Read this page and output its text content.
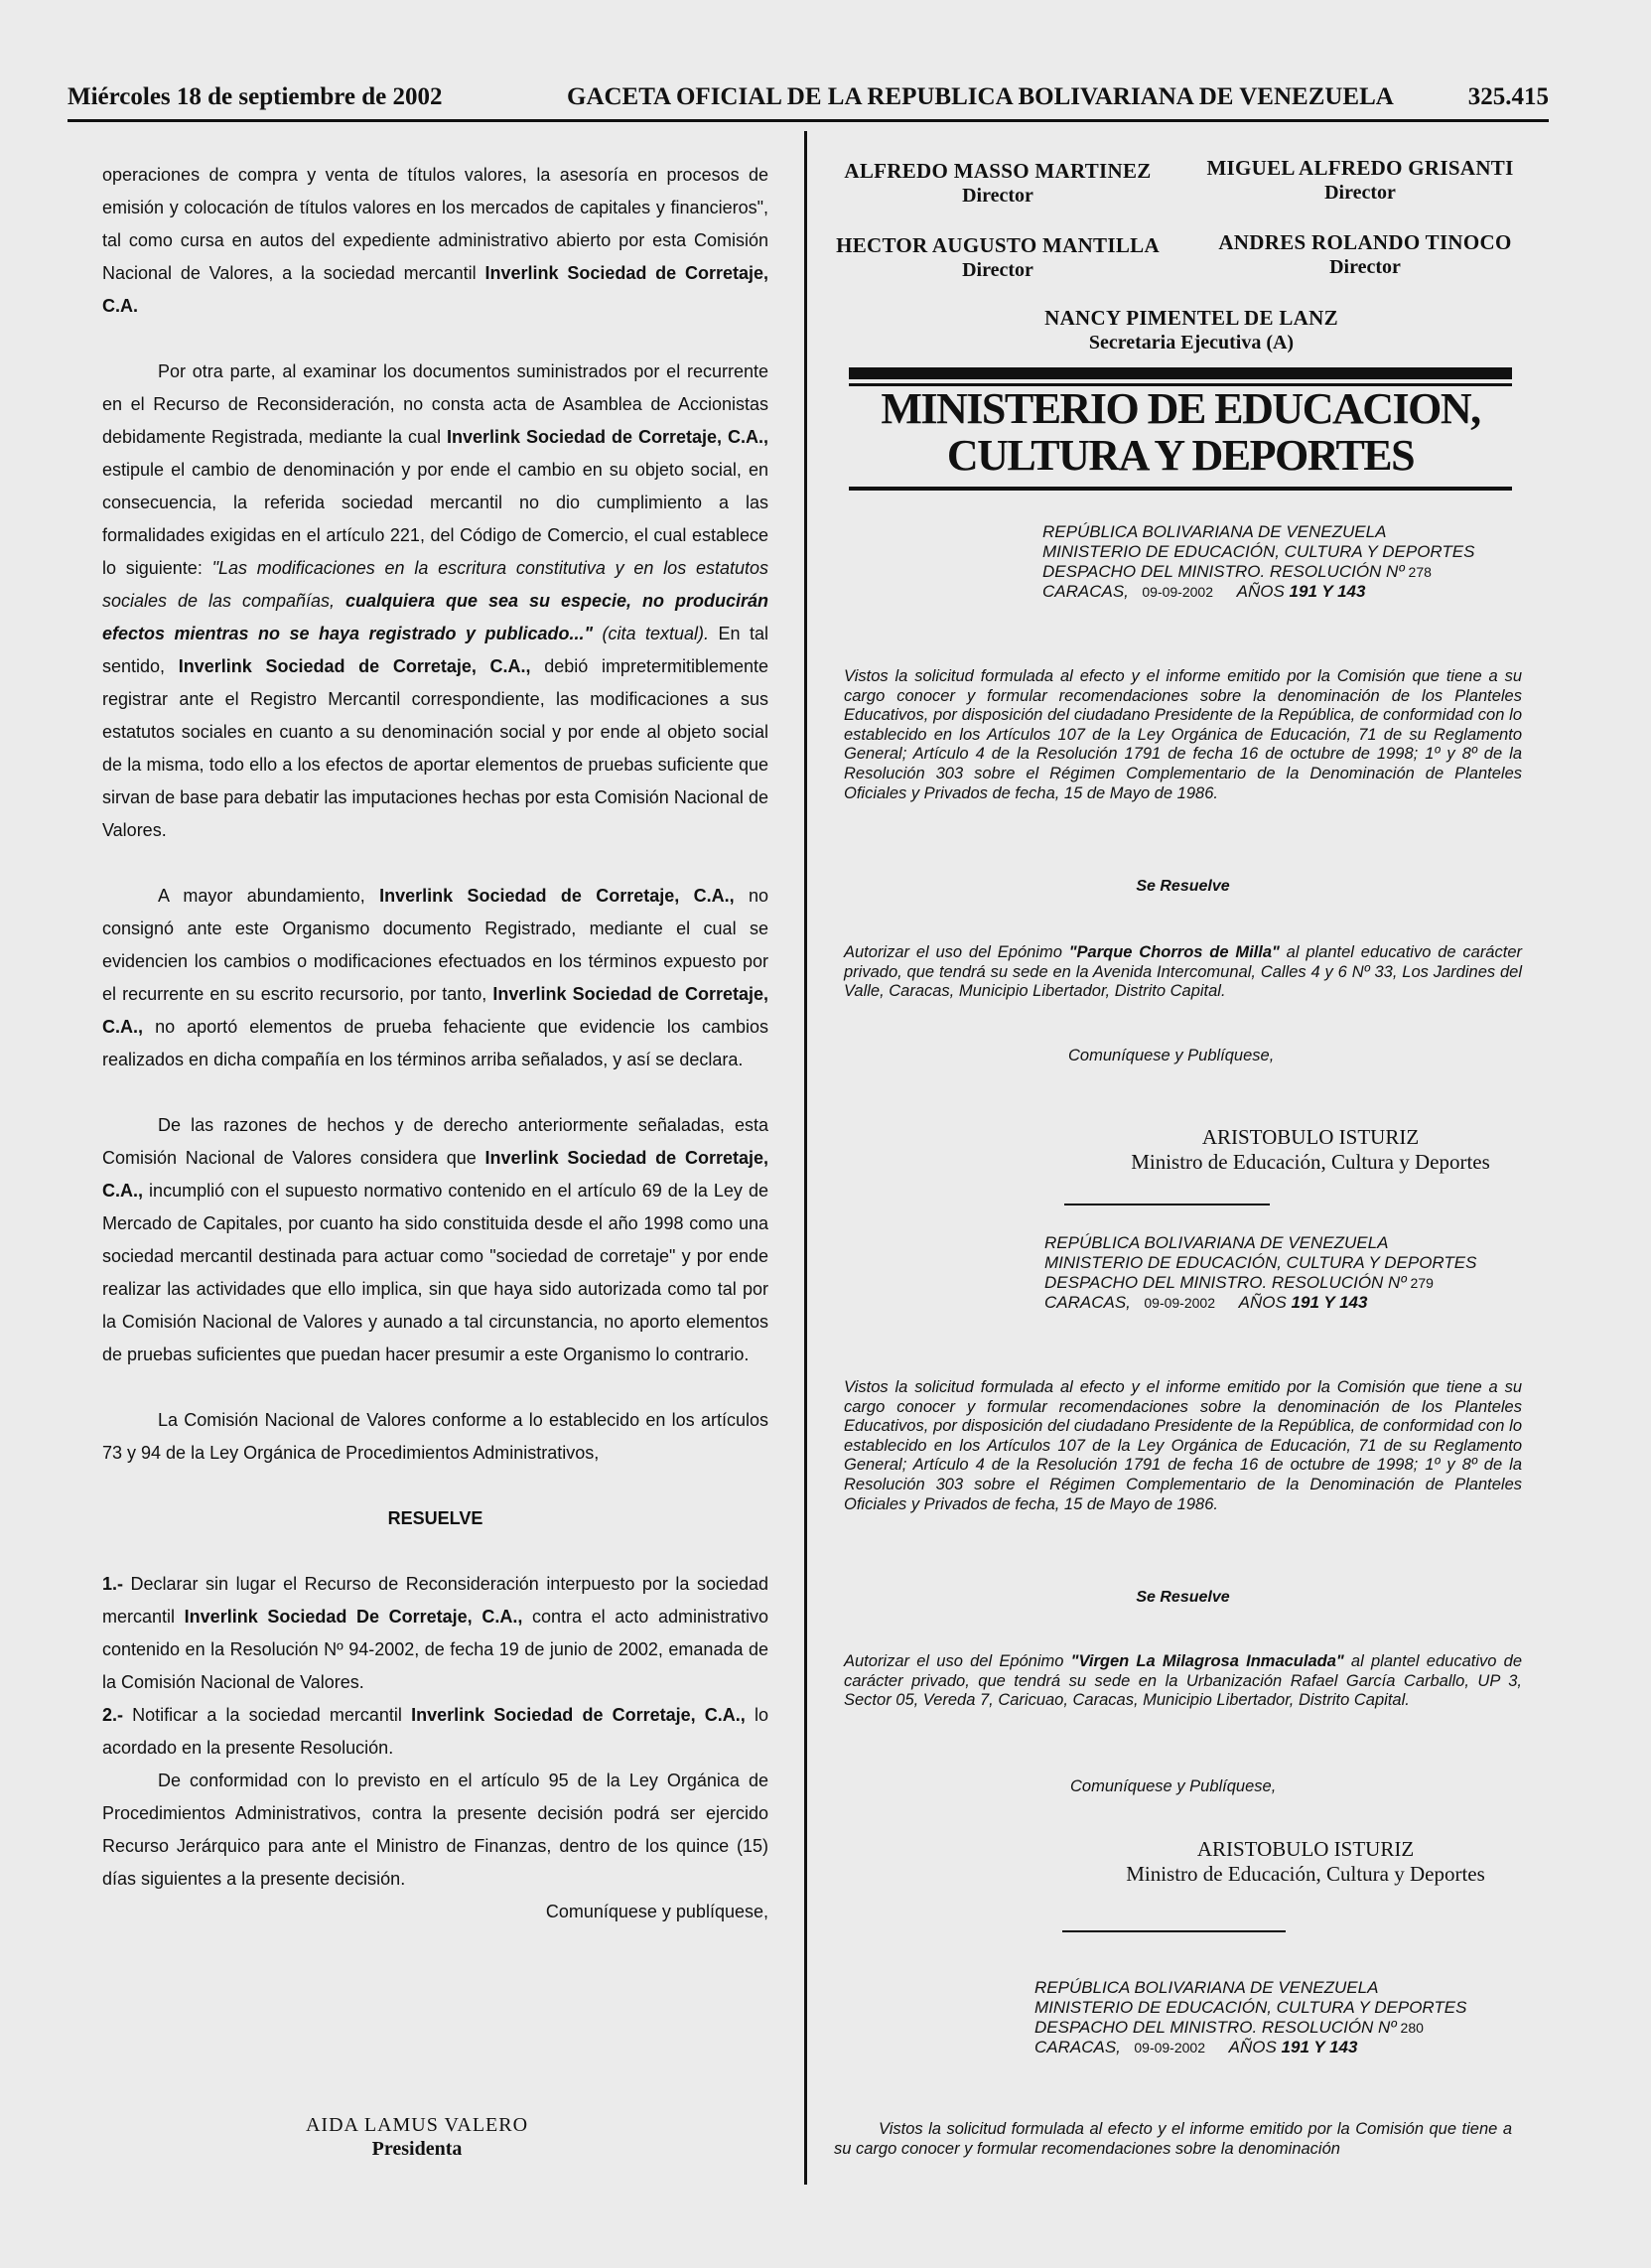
Miércoles 18 de septiembre de 2002	GACETA OFICIAL DE LA REPUBLICA BOLIVARIANA DE VENEZUELA	325.415

operaciones de compra y venta de títulos valores, la asesoría en procesos de emisión y colocación de títulos valores en los mercados de capitales y financieros", tal como cursa en autos del expediente administrativo abierto por esta Comisión Nacional de Valores, a la sociedad mercantil Inverlink Sociedad de Corretaje, C.A.

Por otra parte, al examinar los documentos suministrados por el recurrente en el Recurso de Reconsideración, no consta acta de Asamblea de Accionistas debidamente Registrada, mediante la cual Inverlink Sociedad de Corretaje, C.A., estipule el cambio de denominación y por ende el cambio en su objeto social, en consecuencia, la referida sociedad mercantil no dio cumplimiento a las formalidades exigidas en el artículo 221, del Código de Comercio, el cual establece lo siguiente: "Las modificaciones en la escritura constitutiva y en los estatutos sociales de las compañías, cualquiera que sea su especie, no producirán efectos mientras no se haya registrado y publicado..." (cita textual). En tal sentido, Inverlink Sociedad de Corretaje, C.A., debió impretermitiblemente registrar ante el Registro Mercantil correspondiente, las modificaciones a sus estatutos sociales en cuanto a su denominación social y por ende al objeto social de la misma, todo ello a los efectos de aportar elementos de pruebas suficiente que sirvan de base para debatir las imputaciones hechas por esta Comisión Nacional de Valores.

A mayor abundamiento, Inverlink Sociedad de Corretaje, C.A., no consignó ante este Organismo documento Registrado, mediante el cual se evidencien los cambios o modificaciones efectuados en los términos expuesto por el recurrente en su escrito recursorio, por tanto, Inverlink Sociedad de Corretaje, C.A., no aportó elementos de prueba fehaciente que evidencie los cambios realizados en dicha compañía en los términos arriba señalados, y así se declara.

De las razones de hechos y de derecho anteriormente señaladas, esta Comisión Nacional de Valores considera que Inverlink Sociedad de Corretaje, C.A., incumplió con el supuesto normativo contenido en el artículo 69 de la Ley de Mercado de Capitales, por cuanto ha sido constituida desde el año 1998 como una sociedad mercantil destinada para actuar como "sociedad de corretaje" y por ende realizar las actividades que ello implica, sin que haya sido autorizada como tal por la Comisión Nacional de Valores y aunado a tal circunstancia, no aporto elementos de pruebas suficientes que puedan hacer presumir a este Organismo lo contrario.

La Comisión Nacional de Valores conforme a lo establecido en los artículos 73 y 94 de la Ley Orgánica de Procedimientos Administrativos,

RESUELVE

1.- Declarar sin lugar el Recurso de Reconsideración interpuesto por la sociedad mercantil Inverlink Sociedad De Corretaje, C.A., contra el acto administrativo contenido en la Resolución Nº 94-2002, de fecha 19 de junio de 2002, emanada de la Comisión Nacional de Valores.

2.- Notificar a la sociedad mercantil Inverlink Sociedad de Corretaje, C.A., lo acordado en la presente Resolución.

De conformidad con lo previsto en el artículo 95 de la Ley Orgánica de Procedimientos Administrativos, contra la presente decisión podrá ser ejercido Recurso Jerárquico para ante el Ministro de Finanzas, dentro de los quince (15) días siguientes a la presente decisión.

Comuníquese y publíquese,

AIDA LAMUS VALERO
Presidenta
ALFREDO MASSO MARTINEZ
Director
MIGUEL ALFREDO GRISANTI
Director
HECTOR AUGUSTO MANTILLA
Director
ANDRES ROLANDO TINOCO
Director
NANCY PIMENTEL DE LANZ
Secretaria Ejecutiva (A)
MINISTERIO DE EDUCACION,
CULTURA Y DEPORTES
REPÚBLICA BOLIVARIANA DE VENEZUELA
MINISTERIO DE EDUCACIÓN, CULTURA Y DEPORTES
DESPACHO DEL MINISTRO. RESOLUCIÓN Nº 278
CARACAS, 09-09-2002 AÑOS 191 Y 143
Vistos la solicitud formulada al efecto y el informe emitido por la Comisión que tiene a su cargo conocer y formular recomendaciones sobre la denominación de los Planteles Educativos, por disposición del ciudadano Presidente de la República, de conformidad con lo establecido en los Artículos 107 de la Ley Orgánica de Educación, 71 de su Reglamento General; Artículo 4 de la Resolución 1791 de fecha 16 de octubre de 1998; 1º y 8º de la Resolución 303 sobre el Régimen Complementario de la Denominación de Planteles Oficiales y Privados de fecha, 15 de Mayo de 1986.
Se Resuelve
Autorizar el uso del Epónimo "Parque Chorros de Milla" al plantel educativo de carácter privado, que tendrá su sede en la Avenida Intercomunal, Calles 4 y 6 Nº 33, Los Jardines del Valle, Caracas, Municipio Libertador, Distrito Capital.
Comuníquese y Publíquese,
ARISTOBULO ISTURIZ
Ministro de Educación, Cultura y Deportes
REPÚBLICA BOLIVARIANA DE VENEZUELA
MINISTERIO DE EDUCACIÓN, CULTURA Y DEPORTES
DESPACHO DEL MINISTRO. RESOLUCIÓN Nº 279
CARACAS, 09-09-2002 AÑOS 191 Y 143
Vistos la solicitud formulada al efecto y el informe emitido por la Comisión que tiene a su cargo conocer y formular recomendaciones sobre la denominación de los Planteles Educativos, por disposición del ciudadano Presidente de la República, de conformidad con lo establecido en los Artículos 107 de la Ley Orgánica de Educación, 71 de su Reglamento General; Artículo 4 de la Resolución 1791 de fecha 16 de octubre de 1998; 1º y 8º de la Resolución 303 sobre el Régimen Complementario de la Denominación de Planteles Oficiales y Privados de fecha, 15 de Mayo de 1986.
Se Resuelve
Autorizar el uso del Epónimo "Virgen La Milagrosa Inmaculada" al plantel educativo de carácter privado, que tendrá su sede en la Urbanización Rafael García Carballo, UP 3, Sector 05, Vereda 7, Caricuao, Caracas, Municipio Libertador, Distrito Capital.
Comuníquese y Publíquese,
ARISTOBULO ISTURIZ
Ministro de Educación, Cultura y Deportes
REPÚBLICA BOLIVARIANA DE VENEZUELA
MINISTERIO DE EDUCACIÓN, CULTURA Y DEPORTES
DESPACHO DEL MINISTRO. RESOLUCIÓN Nº 280
CARACAS, 09-09-2002 AÑOS 191 Y 143
Vistos la solicitud formulada al efecto y el informe emitido por la Comisión que tiene a su cargo conocer y formular recomendaciones sobre la denominación
